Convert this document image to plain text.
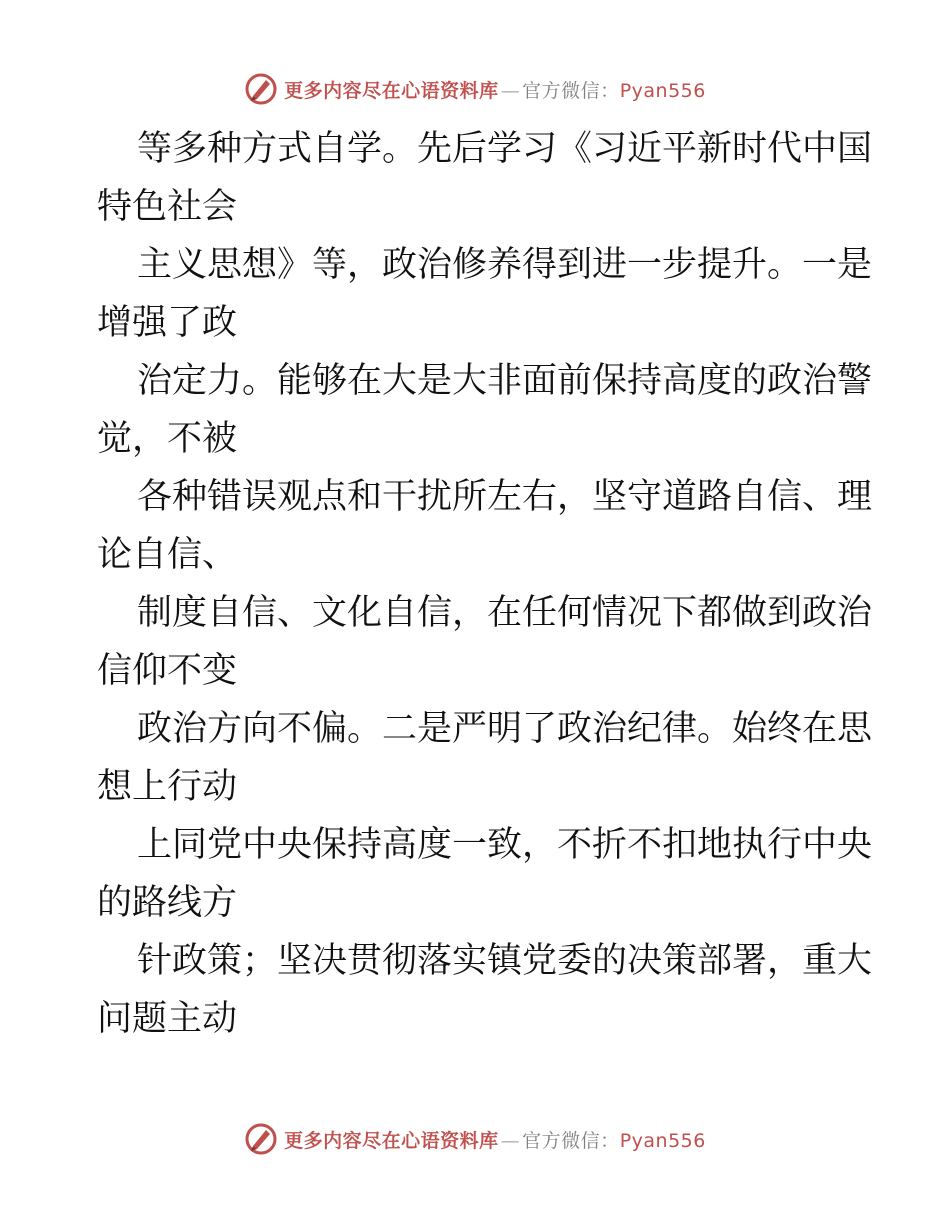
更多内容尽在心语资料库 — 官方微信：Pyan556
等多种方式自学。先后学习《习近平新时代中国
特色社会
主义思想》等，政治修养得到进一步提升。一是
增强了政
治定力。能够在大是大非面前保持高度的政治警
觉，不被
各种错误观点和干扰所左右，坚守道路自信、理
论自信、
制度自信、文化自信，在任何情况下都做到政治
信仰不变
政治方向不偏。二是严明了政治纪律。始终在思
想上行动
上同党中央保持高度一致，不折不扣地执行中央
的路线方
针政策；坚决贯彻落实镇党委的决策部署，重大
问题主动
更多内容尽在心语资料库 — 官方微信：Pyan556
